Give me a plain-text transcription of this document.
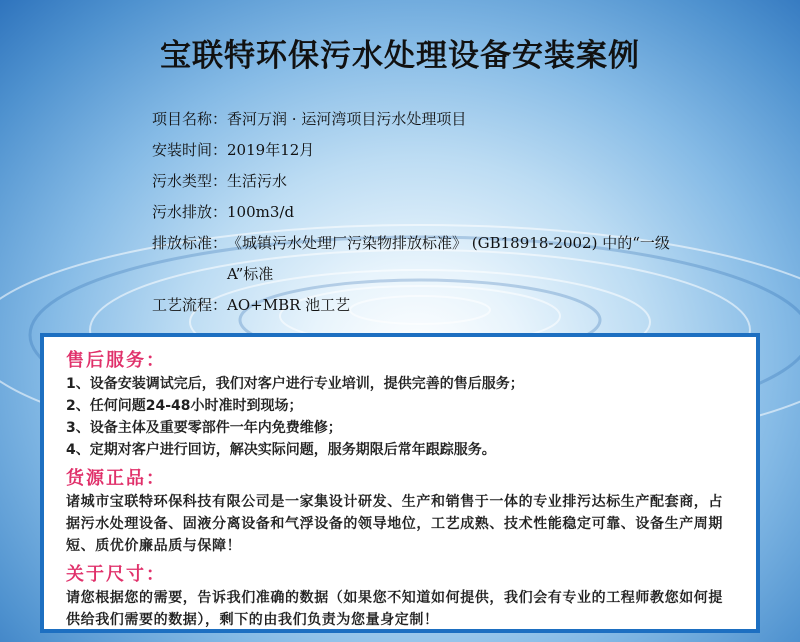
宝联特环保污水处理设备安装案例
项目名称： 香河万润 · 运河湾项目污水处理项目
安装时间： 2019年12月
污水类型： 生活污水
污水排放： 100m3/d
排放标准： 《城镇污水处理厂污染物排放标准》 (GB18918-2002) 中的“一级 A”标准
工艺流程： AO+MBR 池工艺
售后服务：
1、设备安装调试完后，我们对客户进行专业培训，提供完善的售后服务；
2、任何问题24-48小时准时到现场；
3、设备主体及重要零部件一年内免费维修；
4、定期对客户进行回访，解决实际问题，服务期限后常年跟踪服务。
货源正品：
诸城市宝联特环保科技有限公司是一家集设计研发、生产和销售于一体的专业排污达标生产配套商，占据污水处理设备、固液分离设备和气浮设备的领导地位，工艺成熟、技术性能稳定可靠、设备生产周期短、质优价廉品质与保障！
关于尺寸：
请您根据您的需要，告诉我们准确的数据（如果您不知道如何提供，我们会有专业的工程师教您如何提供给我们需要的数据），剩下的由我们负责为您量身定制！
